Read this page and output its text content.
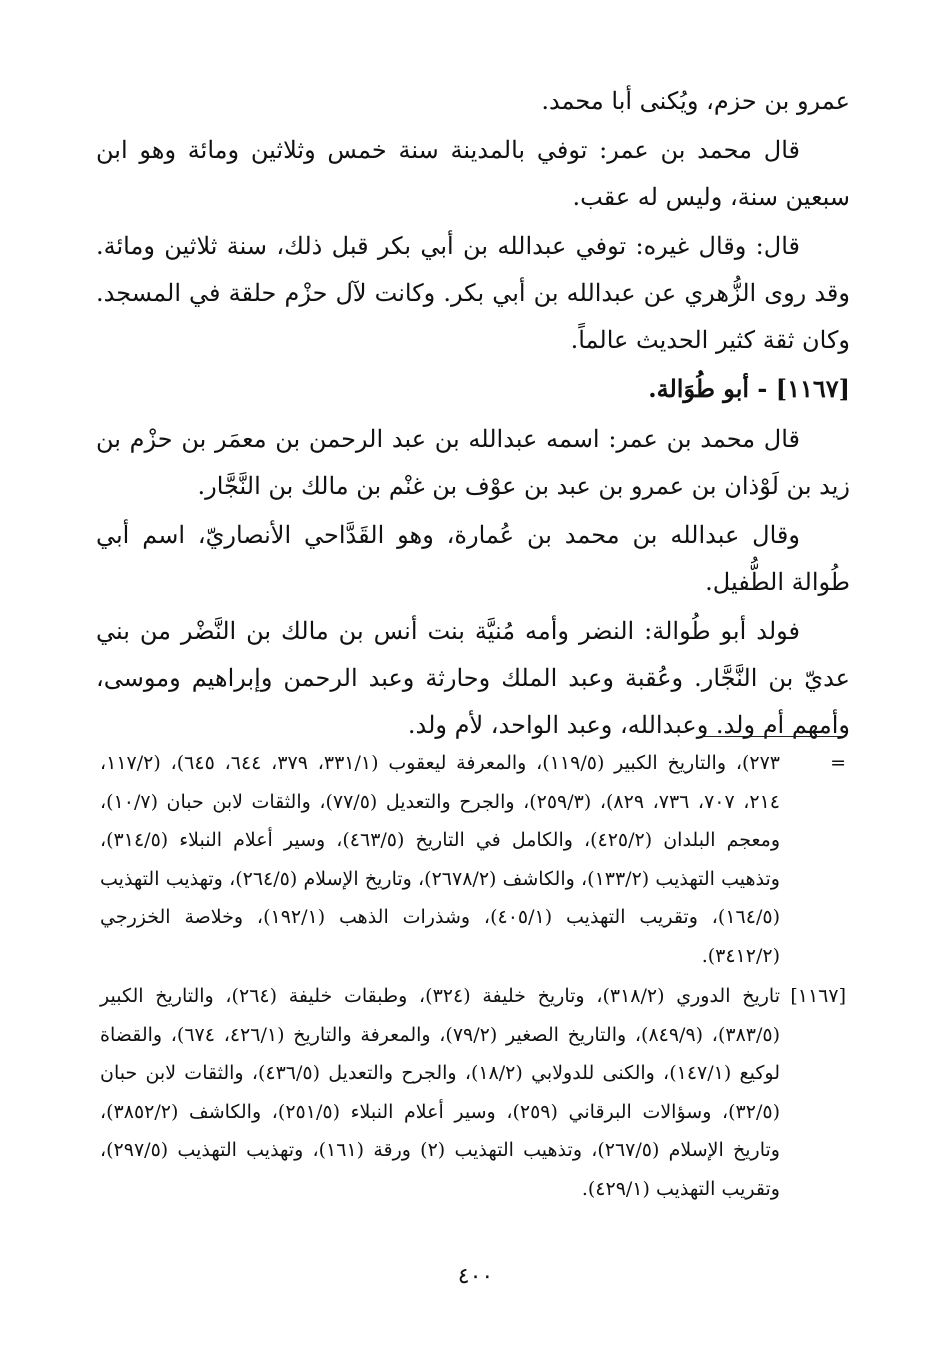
عمرو بن حزم، ويُكنى أبا محمد.

قال محمد بن عمر: توفي بالمدينة سنة خمس وثلاثين ومائة وهو ابن سبعين سنة، وليس له عقب.

قال: وقال غيره: توفي عبدالله بن أبي بكر قبل ذلك، سنة ثلاثين ومائة. وقد روى الزُّهري عن عبدالله بن أبي بكر. وكانت لآل حزْم حلقة في المسجد. وكان ثقة كثير الحديث عالماً.

[١١٦٧] - أبو طُوَالة.

قال محمد بن عمر: اسمه عبدالله بن عبد الرحمن بن معمَر بن حزْم بن زيد بن لَوْذان بن عمرو بن عبد بن عوْف بن غنْم بن مالك بن النَّجَّار.

وقال عبدالله بن محمد بن عُمارة، وهو القَدَّاحي الأنصاريّ، اسم أبي طُوالة الطُّفيل.

فولد أبو طُوالة: النضر وأمه مُنيَّة بنت أنس بن مالك بن النَّضْر من بني عديّ بن النَّجَّار. وعُقبة وعبد الملك وحارثة وعبد الرحمن وإبراهيم وموسى، وأمهم أم ولد. وعبدالله، وعبد الواحد، لأم ولد.

=
٢٧٣)، والتاريخ الكبير (١١٩/٥)، والمعرفة ليعقوب (٣٣١/١، ٣٧٩، ٦٤٤، ٦٤٥)، (١١٧/٢، ٢١٤، ٧٠٧، ٧٣٦، ٨٢٩)، (٢٥٩/٣)، والجرح والتعديل (٧٧/٥)، والثقات لابن حبان (١٠/٧)، ومعجم البلدان (٤٢٥/٢)، والكامل في التاريخ (٤٦٣/٥)، وسير أعلام النبلاء (٣١٤/٥)، وتذهيب التهذيب (١٣٣/٢)، والكاشف (٢٦٧٨/٢)، وتاريخ الإسلام (٢٦٤/٥)، وتهذيب التهذيب (١٦٤/٥)، وتقريب التهذيب (٤٠٥/١)، وشذرات الذهب (١٩٢/١)، وخلاصة الخزرجي (٣٤١٢/٢).

[١١٦٧]
تاريخ الدوري (٣١٨/٢)، وتاريخ خليفة (٣٢٤)، وطبقات خليفة (٢٦٤)، والتاريخ الكبير (٣٨٣/٥)، (٨٤٩/٩)، والتاريخ الصغير (٧٩/٢)، والمعرفة والتاريخ (٤٢٦/١، ٦٧٤)، والقضاة لوكيع (١٤٧/١)، والكنى للدولابي (١٨/٢)، والجرح والتعديل (٤٣٦/٥)، والثقات لابن حبان (٣٢/٥)، وسؤالات البرقاني (٢٥٩)، وسير أعلام النبلاء (٢٥١/٥)، والكاشف (٣٨٥٢/٢)، وتاريخ الإسلام (٢٦٧/٥)، وتذهيب التهذيب (٢) ورقة (١٦١)، وتهذيب التهذيب (٢٩٧/٥)، وتقريب التهذيب (٤٢٩/١).

٤٠٠
